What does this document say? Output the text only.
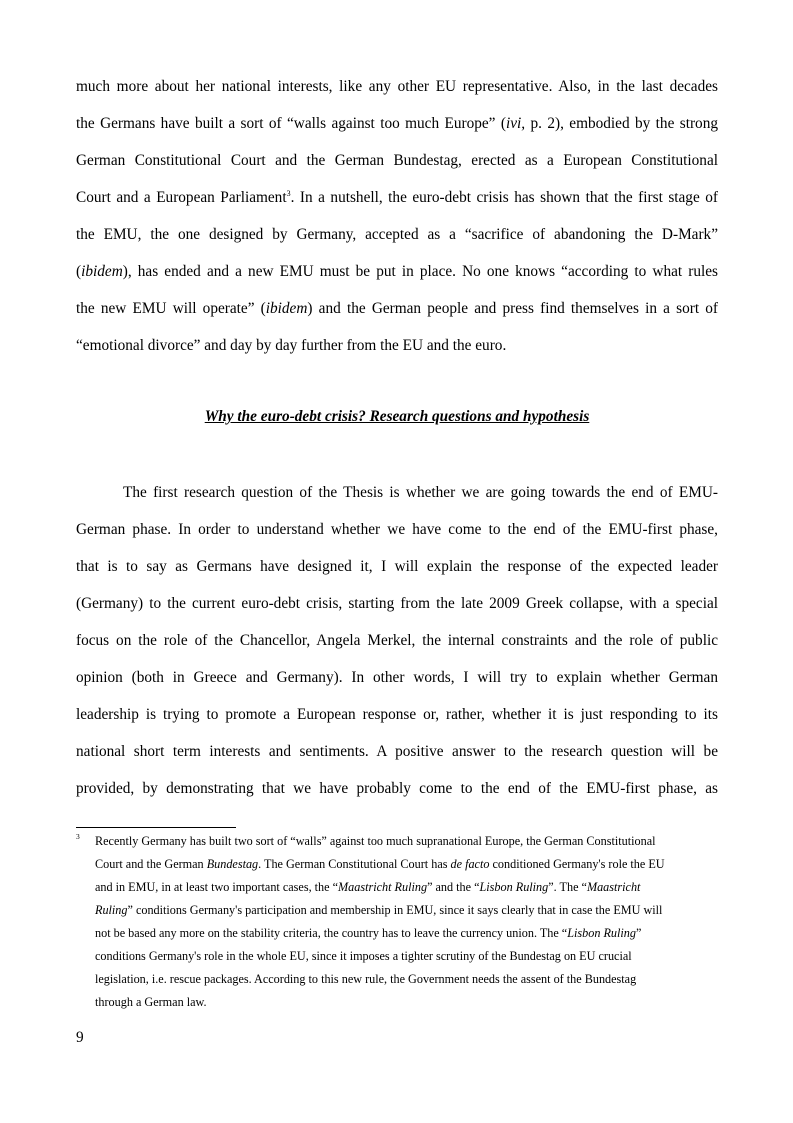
much more about her national interests, like any other EU representative. Also, in the last decades
the Germans have built a sort of “walls against too much Europe” (ivi, p. 2), embodied by the strong
German Constitutional Court and the German Bundestag, erected as a European Constitutional
Court and a European Parliament$^3$. In a nutshell, the euro-debt crisis has shown that the first stage of
the EMU, the one designed by Germany, accepted as a “sacrifice of abandoning the D-Mark”
(ibidem), has ended and a new EMU must be put in place. No one knows “according to what rules
the new EMU will operate” (ibidem) and the German people and press find themselves in a sort of
“emotional divorce” and day by day further from the EU and the euro.
Why the euro-debt crisis? Research questions and hypothesis
The first research question of the Thesis is whether we are going towards the end of EMU-
German phase. In order to understand whether we have come to the end of the EMU-first phase,
that is to say as Germans have designed it, I will explain the response of the expected leader
(Germany) to the current euro-debt crisis, starting from the late 2009 Greek collapse, with a special
focus on the role of the Chancellor, Angela Merkel, the internal constraints and the role of public
opinion (both in Greece and Germany). In other words, I will try to explain whether German
leadership is trying to promote a European response or, rather, whether it is just responding to its
national short term interests and sentiments. A positive answer to the research question will be
provided, by demonstrating that we have probably come to the end of the EMU-first phase, as
3 Recently Germany has built two sort of “walls” against too much supranational Europe, the German Constitutional
Court and the German Bundestag. The German Constitutional Court has de facto conditioned Germany's role the EU
and in EMU, in at least two important cases, the “Maastricht Ruling” and the “Lisbon Ruling”. The “Maastricht
Ruling” conditions Germany's participation and membership in EMU, since it says clearly that in case the EMU will
not be based any more on the stability criteria, the country has to leave the currency union. The “Lisbon Ruling”
conditions Germany's role in the whole EU, since it imposes a tighter scrutiny of the Bundestag on EU crucial
legislation, i.e. rescue packages. According to this new rule, the Government needs the assent of the Bundestag
through a German law.
9
